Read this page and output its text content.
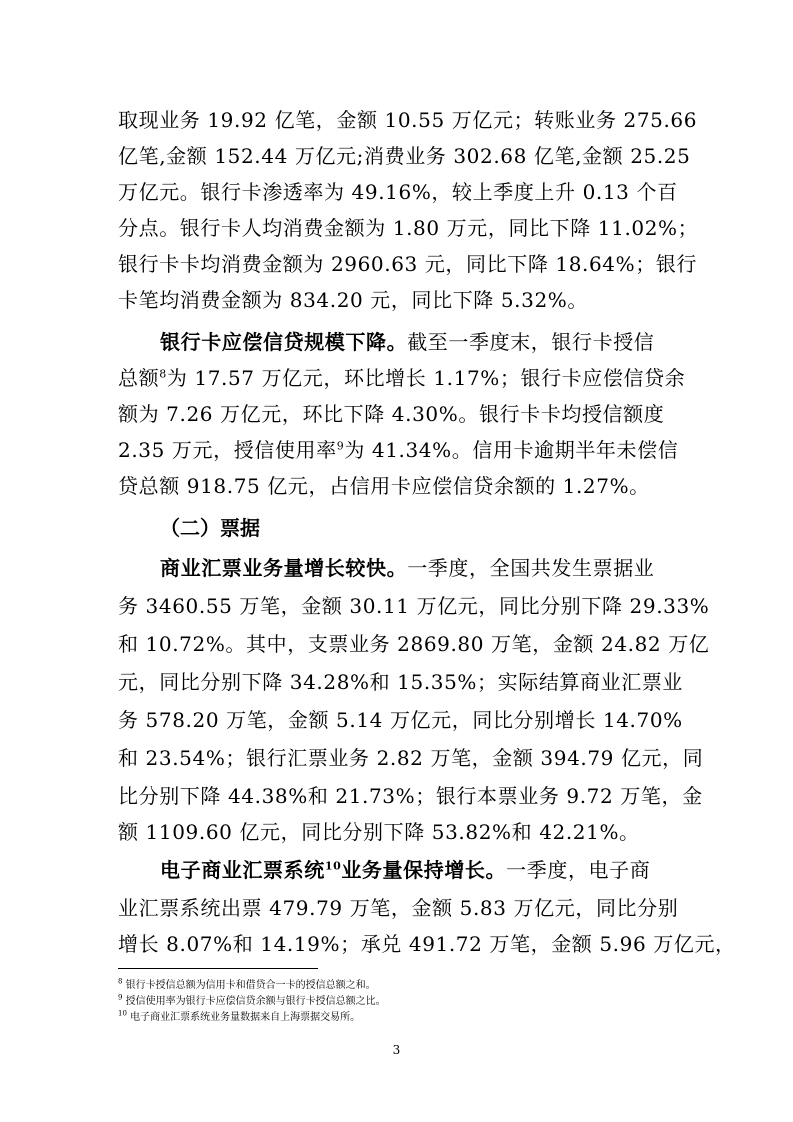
取现业务 19.92 亿笔，金额 10.55 万亿元；转账业务 275.66
亿笔,金额 152.44 万亿元;消费业务 302.68 亿笔,金额 25.25
万亿元。银行卡渗透率为 49.16%，较上季度上升 0.13 个百
分点。银行卡人均消费金额为 1.80 万元，同比下降 11.02%；
银行卡卡均消费金额为 2960.63 元，同比下降 18.64%；银行
卡笔均消费金额为 834.20 元，同比下降 5.32%。
银行卡应偿信贷规模下降。截至一季度末，银行卡授信
总额$^8$为 17.57 万亿元，环比增长 1.17%；银行卡应偿信贷余
额为 7.26 万亿元，环比下降 4.30%。银行卡卡均授信额度
2.35 万元，授信使用率$^9$为 41.34%。信用卡逾期半年未偿信
贷总额 918.75 亿元，占信用卡应偿信贷余额的 1.27%。
（二）票据
商业汇票业务量增长较快。一季度，全国共发生票据业
务 3460.55 万笔，金额 30.11 万亿元，同比分别下降 29.33%
和 10.72%。其中，支票业务 2869.80 万笔，金额 24.82 万亿
元，同比分别下降 34.28%和 15.35%；实际结算商业汇票业
务 578.20 万笔，金额 5.14 万亿元，同比分别增长 14.70%
和 23.54%；银行汇票业务 2.82 万笔，金额 394.79 亿元，同
比分别下降 44.38%和 21.73%；银行本票业务 9.72 万笔，金
额 1109.60 亿元，同比分别下降 53.82%和 42.21%。
电子商业汇票系统$^{10}$业务量保持增长。一季度，电子商
业汇票系统出票 479.79 万笔，金额 5.83 万亿元，同比分别
增长 8.07%和 14.19%；承兑 491.72 万笔，金额 5.96 万亿元，
$^8$ 银行卡授信总额为信用卡和借贷合一卡的授信总额之和。
$^9$ 授信使用率为银行卡应偿信贷余额与银行卡授信总额之比。
$^{10}$ 电子商业汇票系统业务量数据来自上海票据交易所。
3
